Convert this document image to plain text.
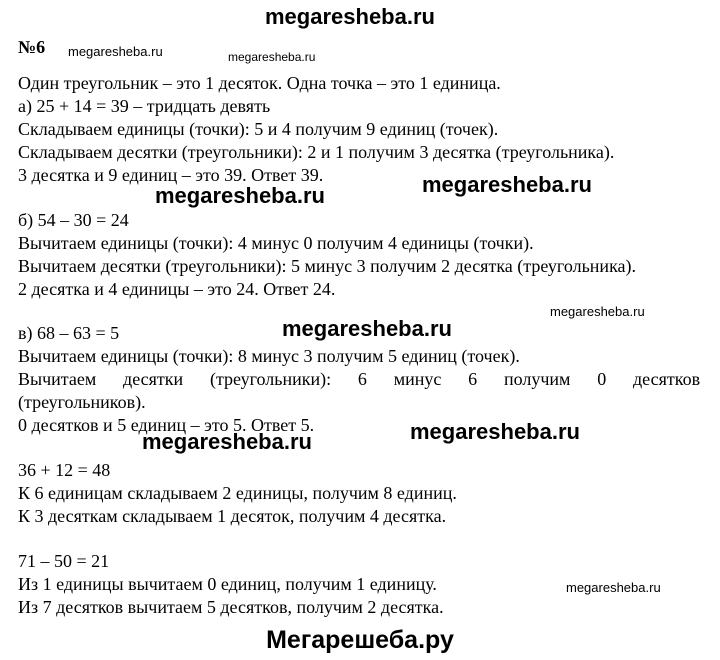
megaresheba.ru
megaresheba.ru	megaresheba.ru
megaresheba.ru
megaresheba.ru
megaresheba.ru
megaresheba.ru
megaresheba.ru
megaresheba.ru
megaresheba.ru
№6
Один треугольник – это 1 десяток. Одна точка – это 1 единица.
а) 25 + 14 = 39 – тридцать девять
Складываем единицы (точки): 5 и 4 получим 9 единиц (точек).
Складываем десятки (треугольники): 2 и 1 получим 3 десятка (треугольника).
3 десятка и 9 единиц – это 39. Ответ 39.
б) 54 – 30 = 24
Вычитаем единицы (точки): 4 минус 0 получим 4 единицы (точки).
Вычитаем десятки (треугольники): 5 минус 3 получим 2 десятка (треугольника).
2 десятка и 4 единицы – это 24. Ответ 24.
в) 68 – 63 = 5
Вычитаем единицы (точки): 8 минус 3 получим 5 единиц (точек).
Вычитаем десятки (треугольники): 6 минус 6 получим 0 десятков
(треугольников).
0 десятков и 5 единиц – это 5. Ответ 5.
36 + 12 = 48
К 6 единицам складываем 2 единицы, получим 8 единиц.
К 3 десяткам складываем 1 десяток, получим 4 десятка.
71 – 50 = 21
Из 1 единицы вычитаем 0 единиц, получим 1 единицу.
Из 7 десятков вычитаем 5 десятков, получим 2 десятка.
Мегарешеба.ру
